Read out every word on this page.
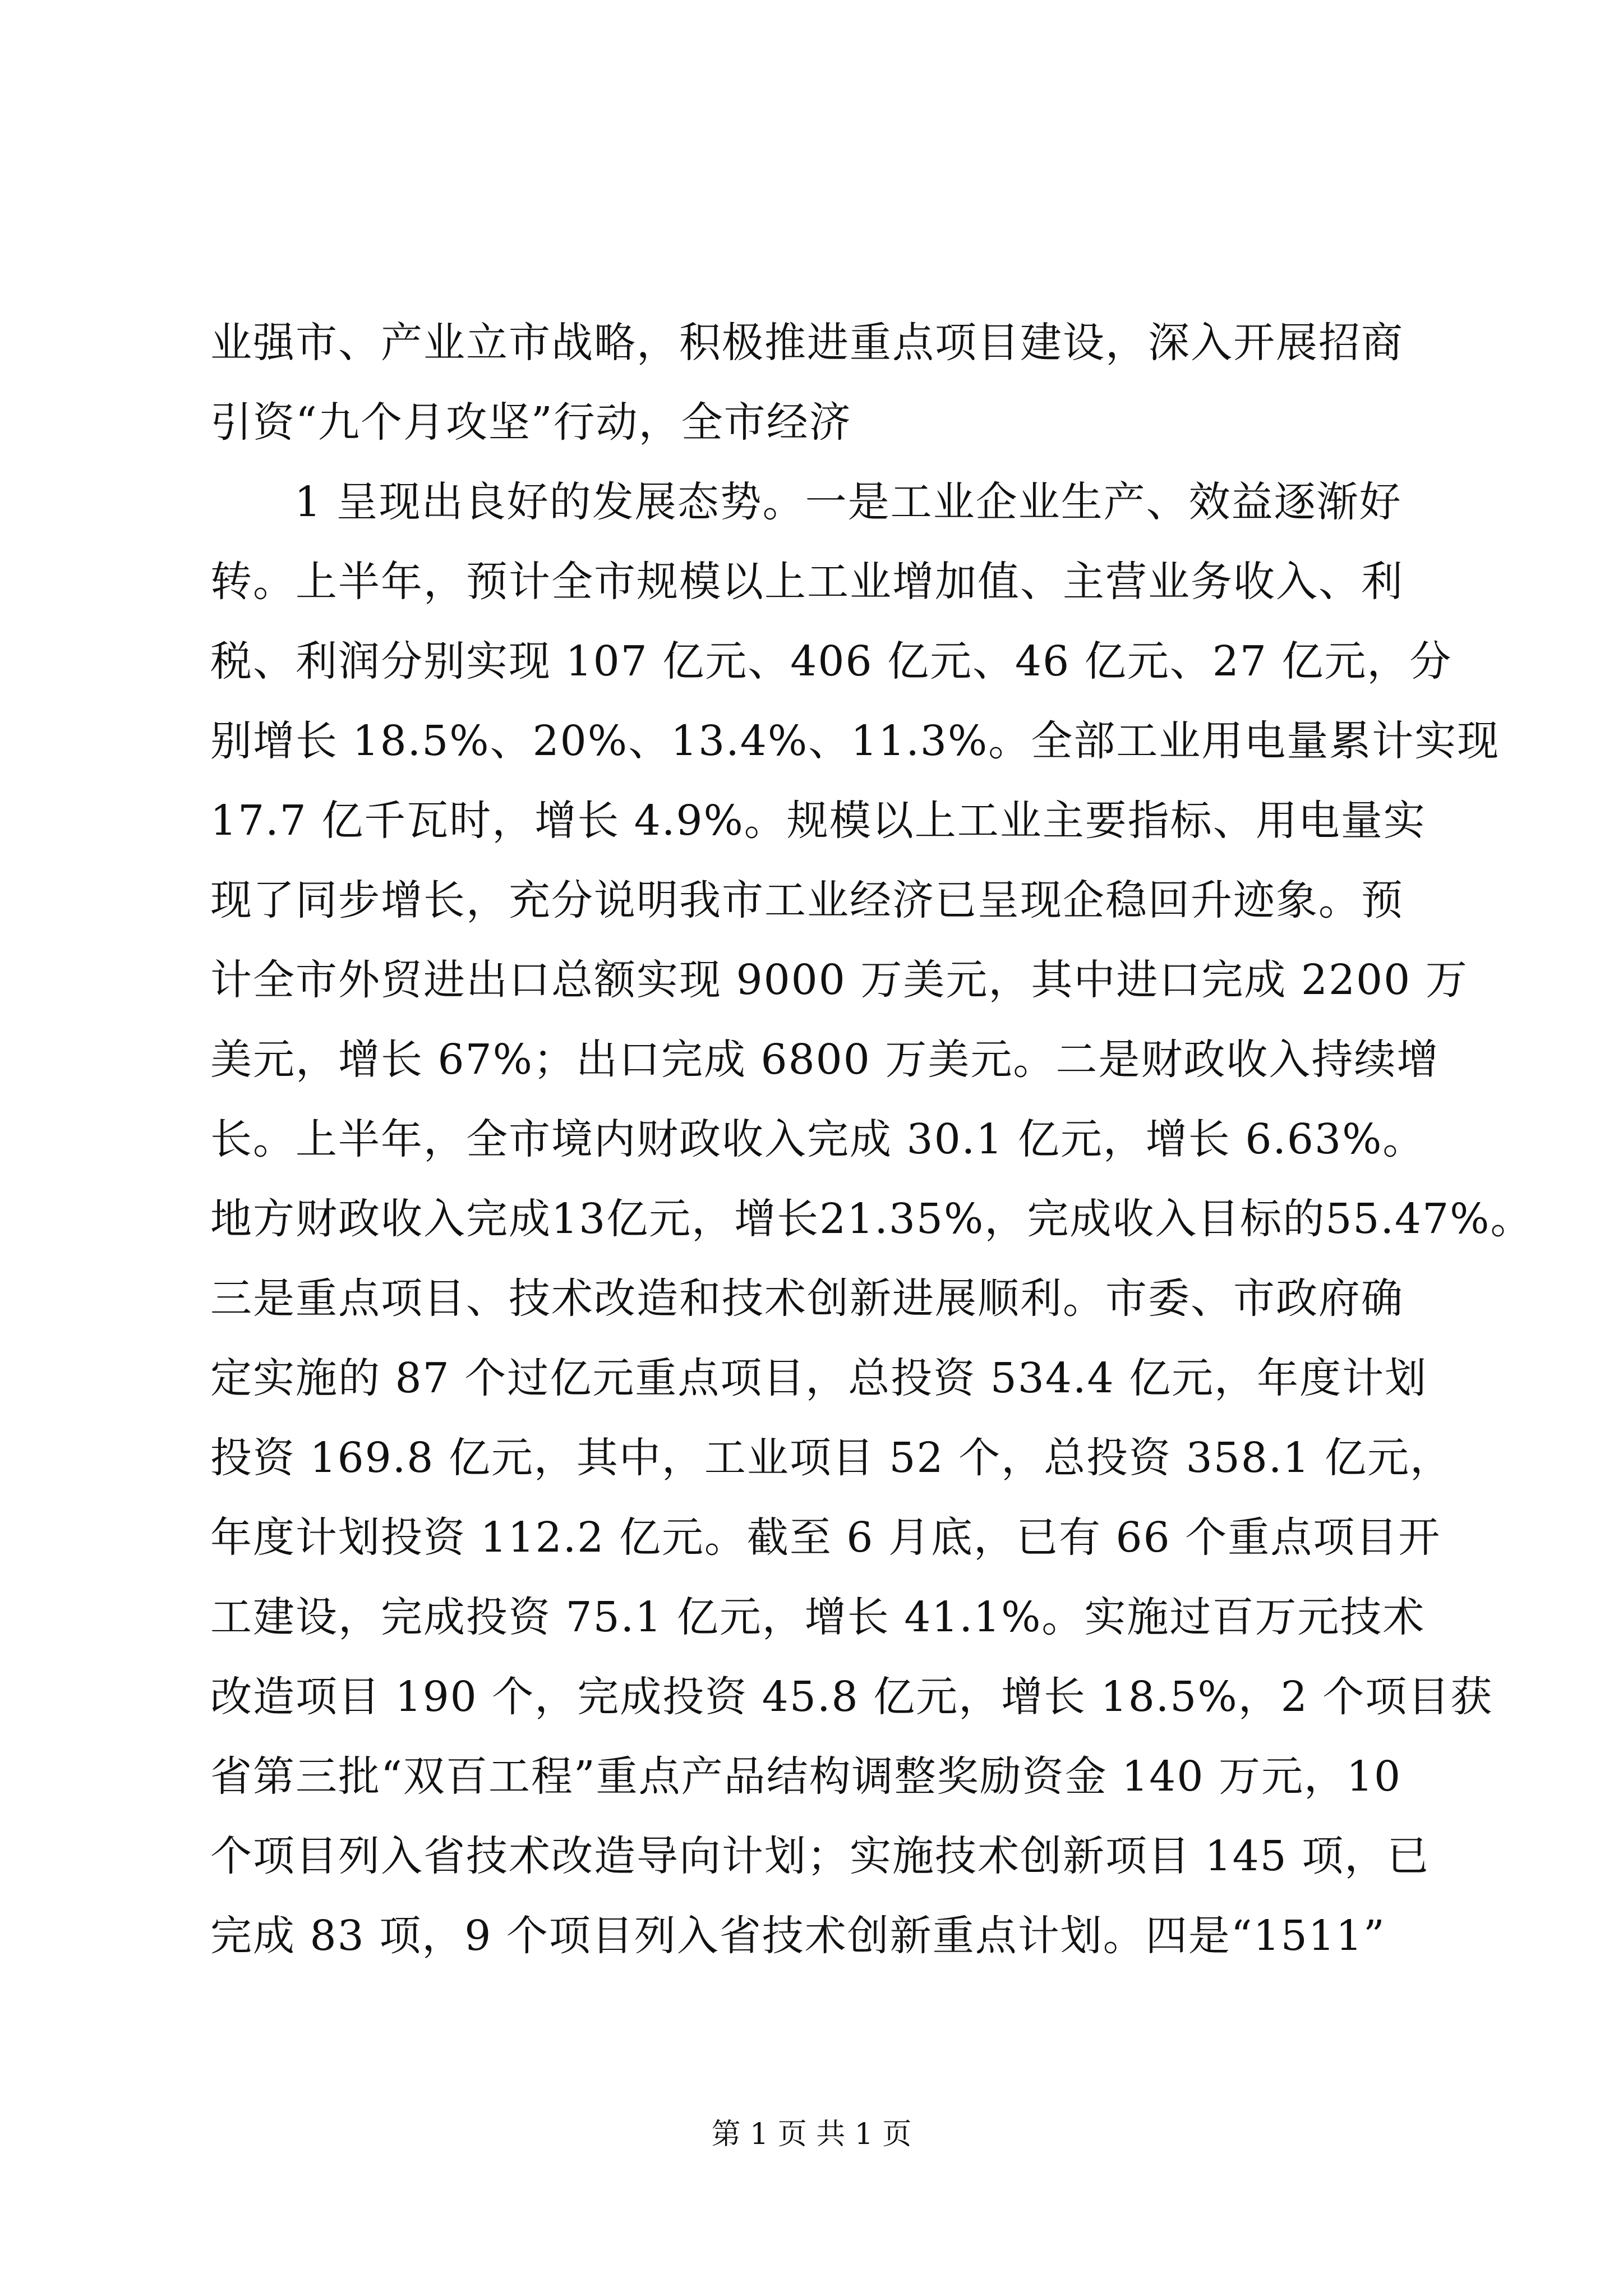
业强市、产业立市战略，积极推进重点项目建设，深入开展招商
引资“九个月攻坚”行动，全市经济
1 呈现出良好的发展态势。一是工业企业生产、效益逐渐好
转。上半年，预计全市规模以上工业增加值、主营业务收入、利
税、利润分别实现 107 亿元、406 亿元、46 亿元、27 亿元，分
别增长 18.5%、20%、13.4%、11.3%。全部工业用电量累计实现
17.7 亿千瓦时，增长 4.9%。规模以上工业主要指标、用电量实
现了同步增长，充分说明我市工业经济已呈现企稳回升迹象。预
计全市外贸进出口总额实现 9000 万美元，其中进口完成 2200 万
美元，增长 67%；出口完成 6800 万美元。二是财政收入持续增
长。上半年，全市境内财政收入完成 30.1 亿元，增长 6.63%。
地方财政收入完成13亿元，增长21.35%，完成收入目标的55.47%。
三是重点项目、技术改造和技术创新进展顺利。市委、市政府确
定实施的 87 个过亿元重点项目，总投资 534.4 亿元，年度计划
投资 169.8 亿元，其中，工业项目 52 个，总投资 358.1 亿元，
年度计划投资 112.2 亿元。截至 6 月底，已有 66 个重点项目开
工建设，完成投资 75.1 亿元，增长 41.1%。实施过百万元技术
改造项目 190 个，完成投资 45.8 亿元，增长 18.5%，2 个项目获
省第三批“双百工程”重点产品结构调整奖励资金 140 万元，10
个项目列入省技术改造导向计划；实施技术创新项目 145 项，已
完成 83 项，9 个项目列入省技术创新重点计划。四是“1511”
第 1 页 共 1 页
